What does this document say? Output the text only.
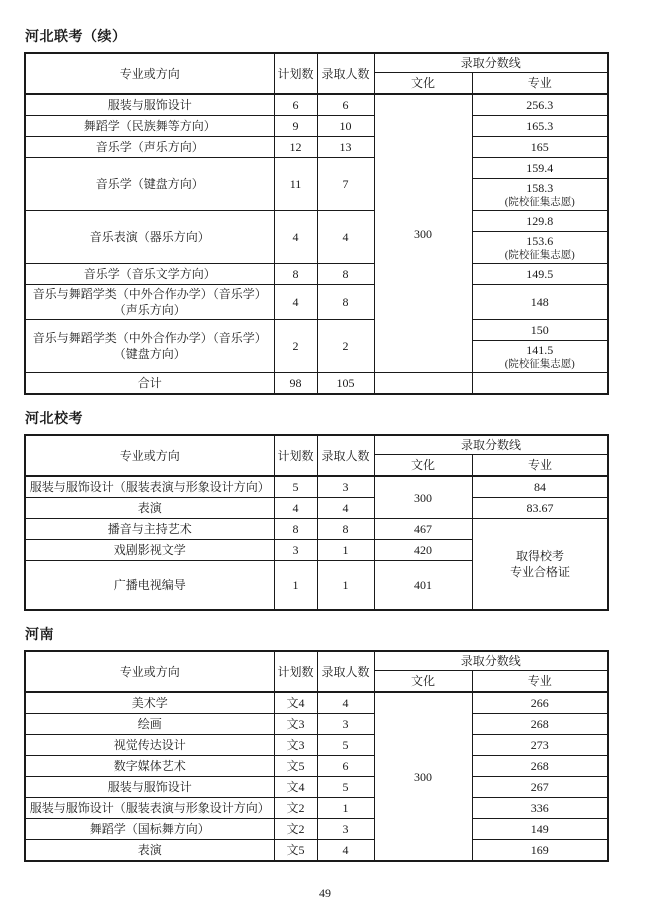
河北联考（续）
专业或方向	计划数	录取人数	录取分数线	
			文化	专业
服装与服饰设计	6	6	300	256.3
舞蹈学（民族舞等方向）	9	10		165.3
音乐学（声乐方向）	12	13		165
音乐学（键盘方向）	11	7		159.4

				158.3
(院校征集志愿)

音乐表演（器乐方向）	4	4		129.8

				153.6
(院校征集志愿)

音乐学（音乐文学方向）	8	8		149.5
音乐与舞蹈学类（中外合作办学）（音乐学）（声乐方向）	4	8		148
音乐与舞蹈学类（中外合作办学）（音乐学）（键盘方向）	2	2		150

				141.5
(院校征集志愿)

合计	98	105		
河北校考
专业或方向	计划数	录取人数	录取分数线		
			文化	专业	
服装与服饰设计（服装表演与形象设计方向）	5	3	300	84	
表演	4	4		83.67	
播音与主持艺术	8	8	467	取得校考
专业合格证	

戏剧影视文学	3	1	420		

广播电视编导	1	1	401		

河南
专业或方向	计划数	录取人数	录取分数线	
			文化	专业
美术学	文4	4	300	266
绘画	文3	3		268
视觉传达设计	文3	5		273
数字媒体艺术	文5	6		268
服装与服饰设计	文4	5		267
服装与服饰设计（服装表演与形象设计方向）	文2	1		336
舞蹈学（国标舞方向）	文2	3		149
表演	文5	4		169
49
